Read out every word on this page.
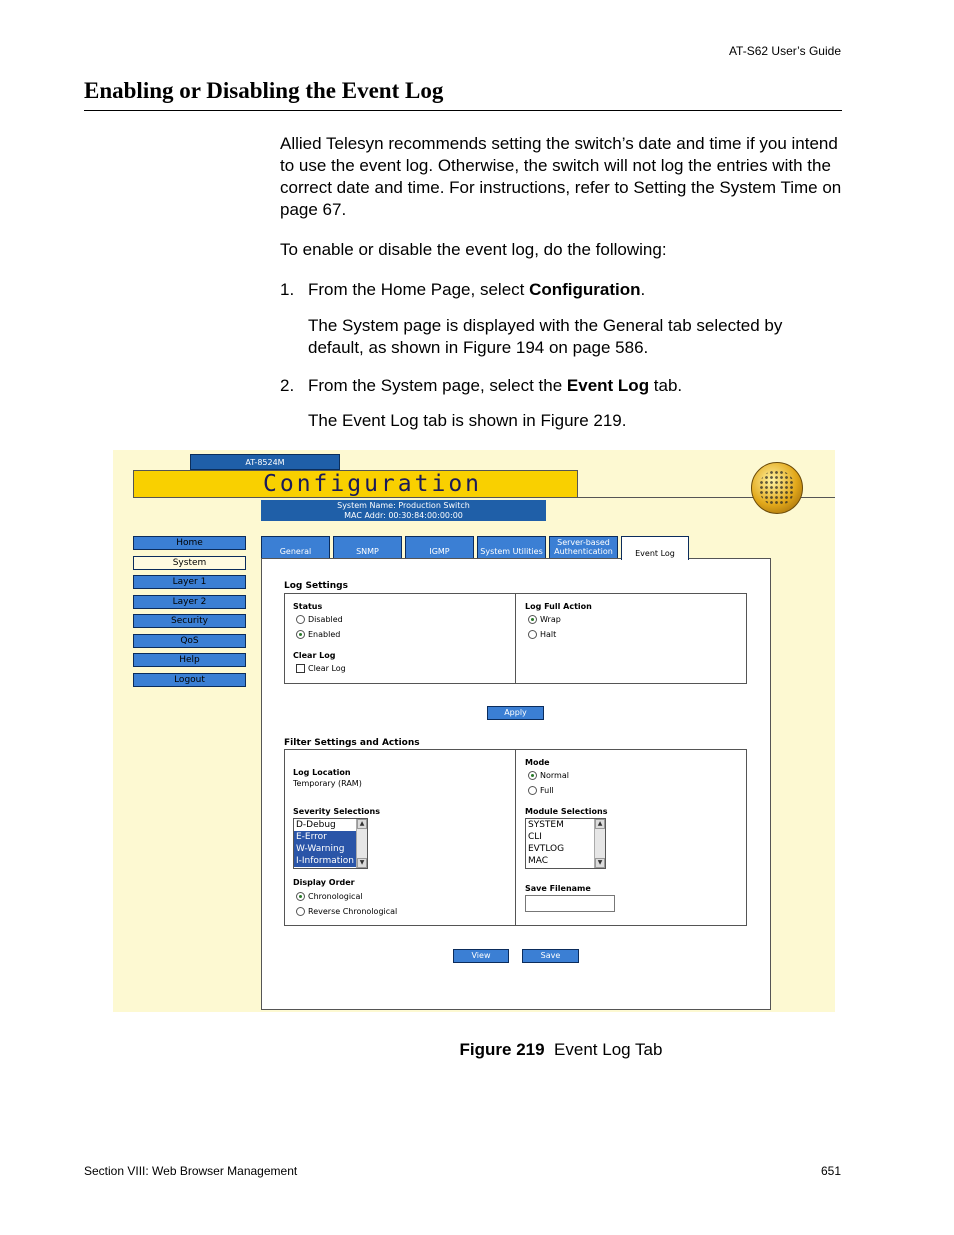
AT-S62 User’s Guide
Enabling or Disabling the Event Log
Allied Telesyn recommends setting the switch’s date and time if you intend to use the event log. Otherwise, the switch will not log the entries with the correct date and time. For instructions, refer to Setting the System Time on page 67.
To enable or disable the event log, do the following:
1. From the Home Page, select Configuration.
The System page is displayed with the General tab selected by default, as shown in Figure 194 on page 586.
2. From the System page, select the Event Log tab.
The Event Log tab is shown in Figure 219.
AT-8524M
Configuration
System Name: Production Switch
MAC Addr: 00:30:84:00:00:00
Home
System
Layer 1
Layer 2
Security
QoS
Help
Logout
General	SNMP	IGMP	System Utilities
Server-based Authentication	Event Log
Log Settings
Status
Disabled
Enabled
Clear Log
Clear Log
Log Full Action
Wrap
Halt
Apply
Filter Settings and Actions
Log Location
Temporary (RAM)
Severity Selections
D-Debug
E-Error
W-Warning
I-Information
▲
▼
Display Order
Chronological
Reverse Chronological
Mode
Normal
Full
Module Selections
SYSTEM
CLI
EVTLOG
MAC
▲
▼
Save Filename
View	Save
Figure 219 Event Log Tab
Section VIII: Web Browser Management	651
